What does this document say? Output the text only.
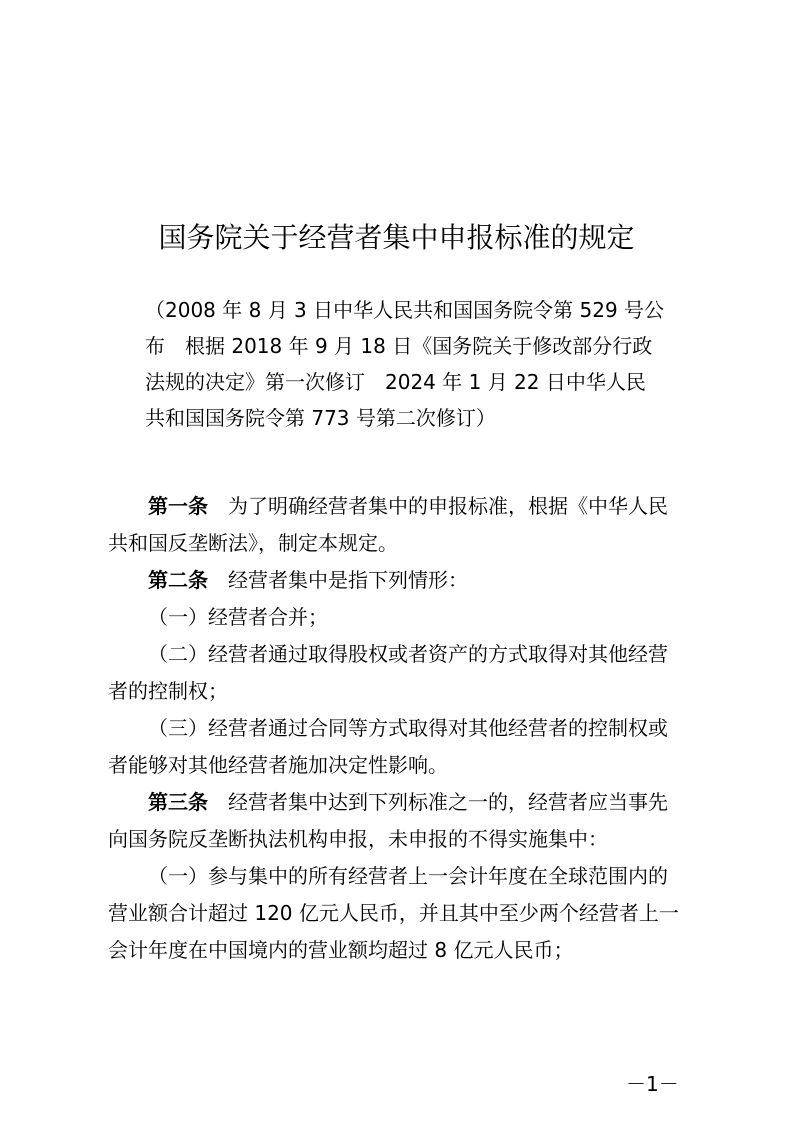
国务院关于经营者集中申报标准的规定
（2008 年 8 月 3 日中华人民共和国国务院令第 529 号公
布　根据 2018 年 9 月 18 日《国务院关于修改部分行政
法规的决定》第一次修订　2024 年 1 月 22 日中华人民
共和国国务院令第 773 号第二次修订）
第一条 为了明确经营者集中的申报标准，根据《中华人民
共和国反垄断法》，制定本规定。
第二条 经营者集中是指下列情形：
（一）经营者合并；
（二）经营者通过取得股权或者资产的方式取得对其他经营
者的控制权；
（三）经营者通过合同等方式取得对其他经营者的控制权或
者能够对其他经营者施加决定性影响。
第三条 经营者集中达到下列标准之一的，经营者应当事先
向国务院反垄断执法机构申报，未申报的不得实施集中：
（一）参与集中的所有经营者上一会计年度在全球范围内的
营业额合计超过 120 亿元人民币，并且其中至少两个经营者上一
会计年度在中国境内的营业额均超过 8 亿元人民币；
－1－
